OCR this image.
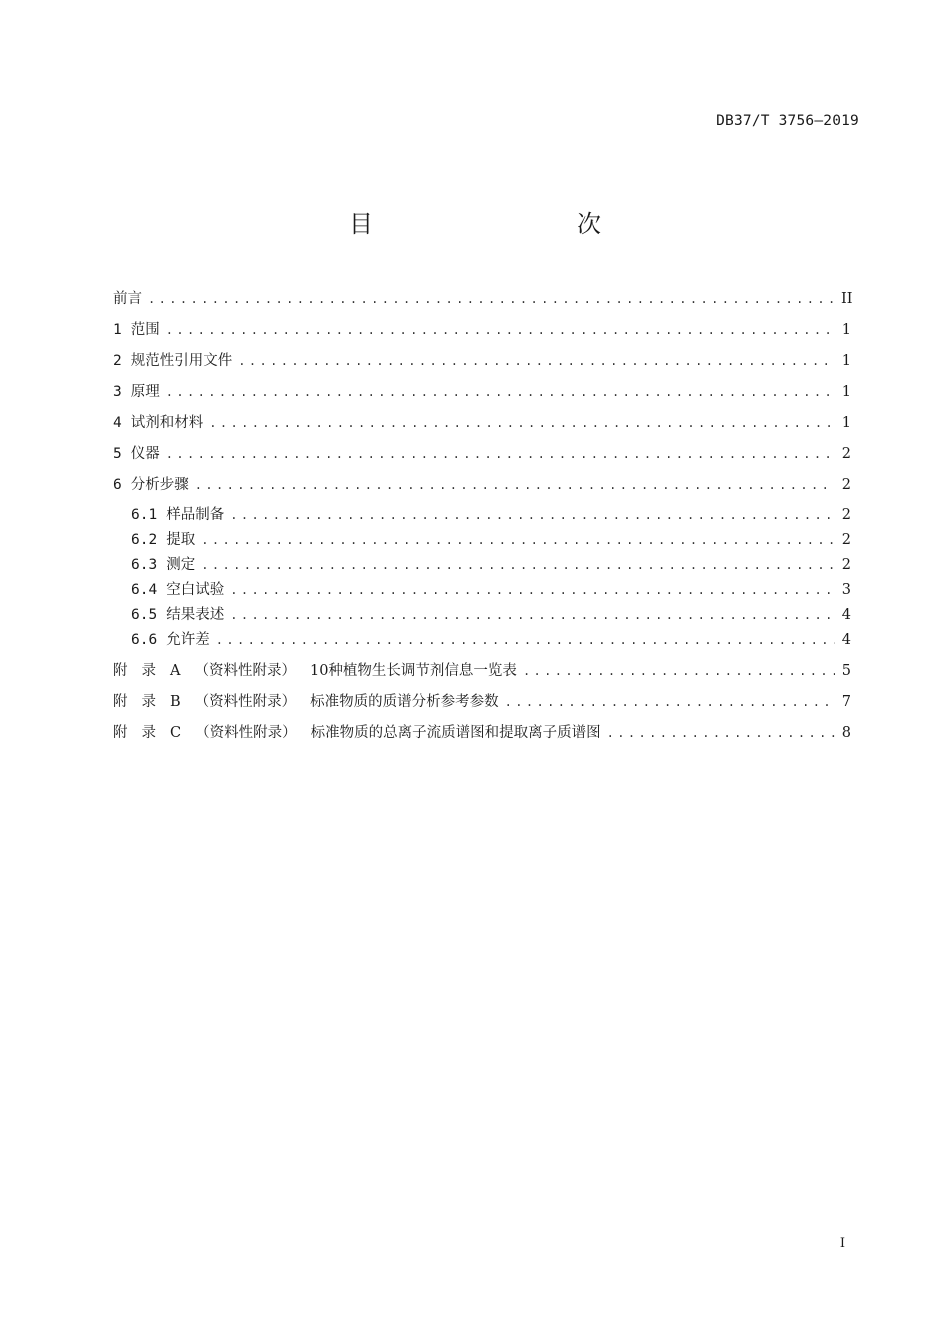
DB37/T 3756—2019
目　　次
前言 .....	II
1 范围 .....	1
2 规范性引用文件 .....	1
3 原理 .....	1
4 试剂和材料 .....	1
5 仪器 .....	2
6 分析步骤 .....	2
6.1 样品制备 .....	2
6.2 提取 .....	2
6.3 测定 .....	2
6.4 空白试验 .....	3
6.5 结果表述 .....	4
6.6 允许差 .....	4
附 录 A （资料性附录） 10种植物生长调节剂信息一览表 .....	5
附 录 B （资料性附录） 标准物质的质谱分析参考参数 .....	7
附 录 C （资料性附录） 标准物质的总离子流质谱图和提取离子质谱图 .....	8
I
